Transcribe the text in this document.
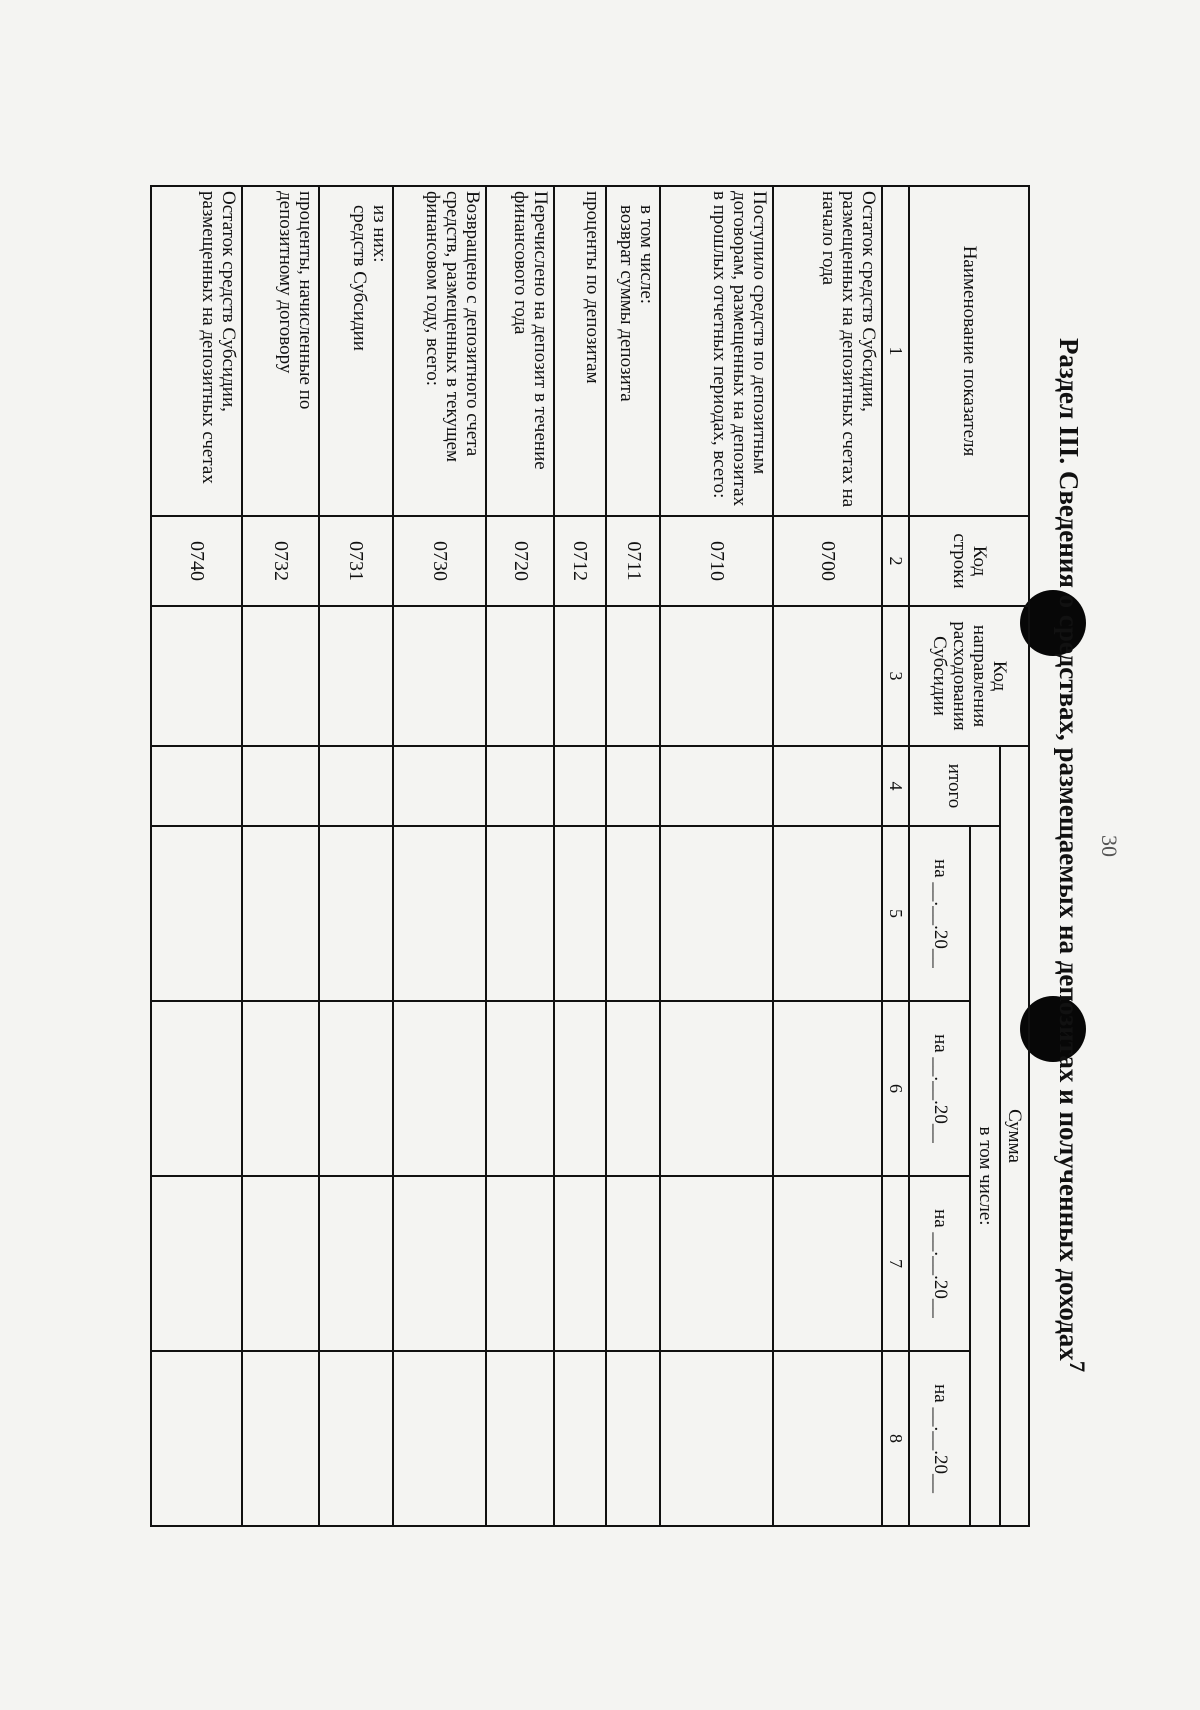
30
Раздел III. Сведения о средствах, размещаемых на депозитах и полученных доходах$^7$
Наименование показателя	Код строки	Код направления расходования Субсидии	Сумма				
			итого	в том числе:			
				на __.__.20__	на __.__.20__	на __.__.20__	на __.__.20__
1	2	3	4	5	6	7	8
Остаток средств Субсидии, размещенных на депозитных счетах на начало года	0700						
Поступило средств по депозитным договорам, размещенных на депозитах в прошлых отчетных периодах, всего:	0710						

в том числе:
возврат суммы депозита	0711						
проценты по депозитам	0712						
Перечислено на депозит в течение финансового года	0720						
Возвращено с депозитного счета средств, размещенных в текущем финансовом году, всего:	0730						

из них:
средств Субсидии	0731						
проценты, начисленные по депозитному договору	0732						
Остаток средств Субсидии, размещенных на депозитных счетах	0740						
